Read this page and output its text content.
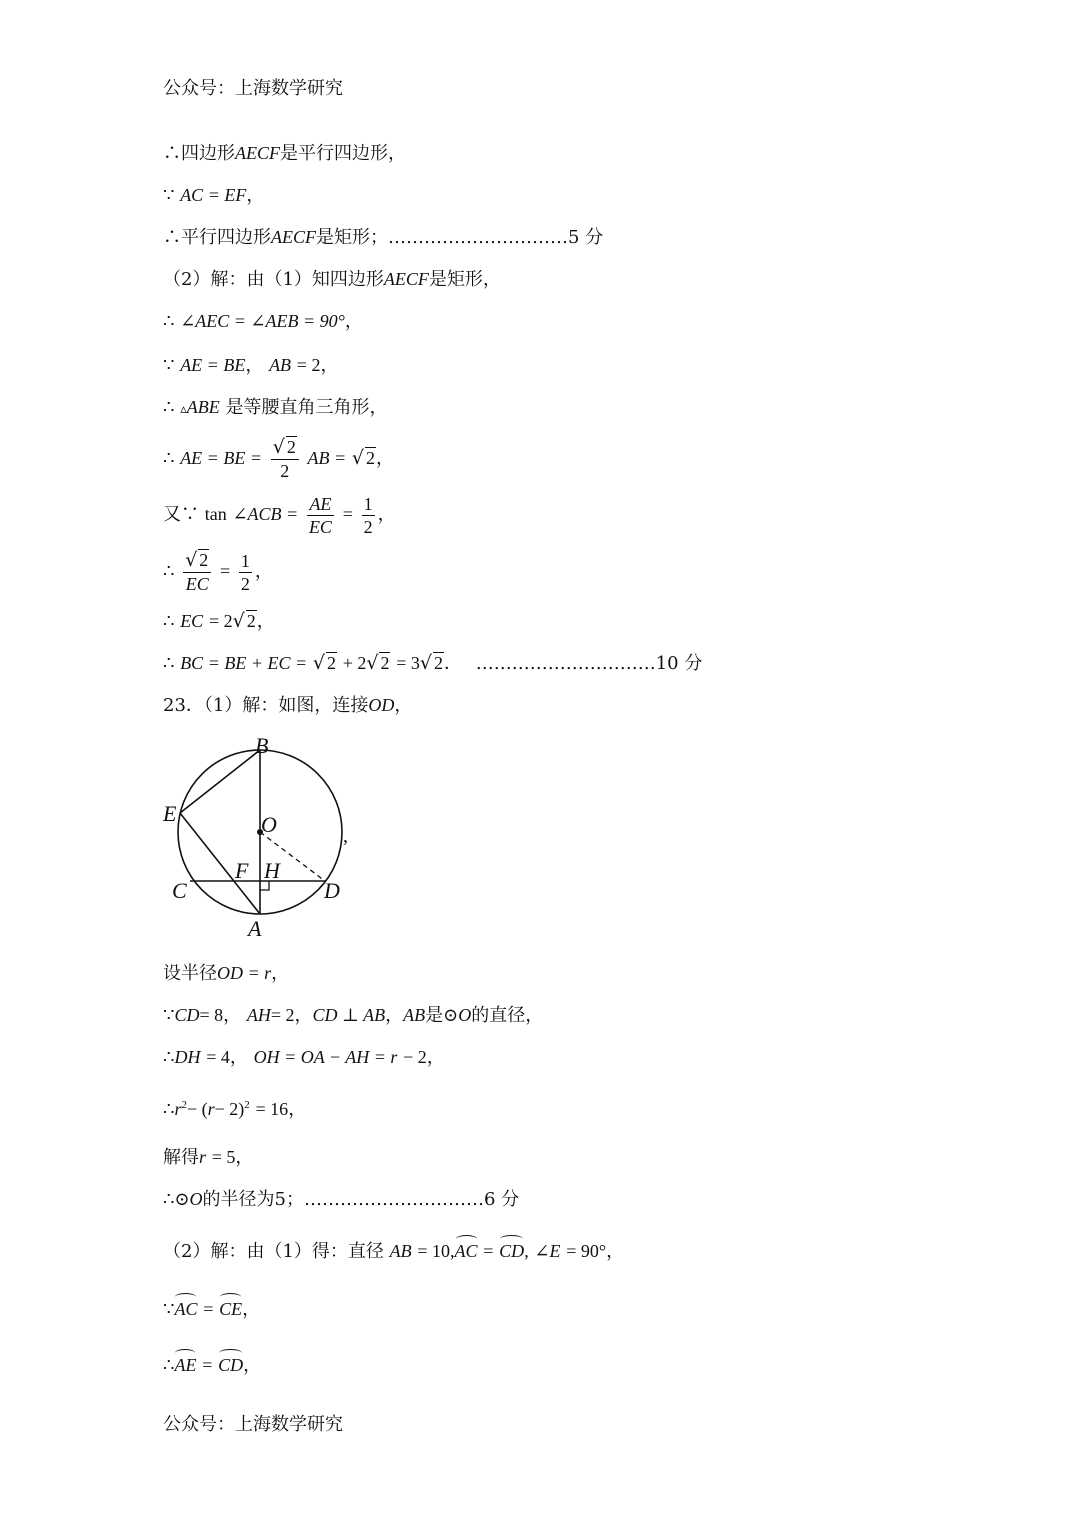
公众号：上海数学研究
∴四边形AECF是平行四边形，
∵ AC = EF，
∴平行四边形AECF是矩形；…………………………5 分
（2）解：由（1）知四边形AECF是矩形，
∴ ∠AEC = ∠AEB = 90°，
∵ AE = BE， AB = 2，
∴ ▵ABE 是等腰直角三角形，
∴ AE = BE = $\frac{√ 2}{2}$ AB = √ 2，
又∵ tan ∠ACB = $\frac{AE}{EC} = \frac{1}{2}$ ，
∴ $\frac{√ 2}{EC} = \frac{1}{2}$ ，
∴ EC = 2√ 2，
∴ BC = BE + EC = √ 2 + 2√ 2 = 3√ 2． …………………………10 分
23．（1）解：如图，连接OD，
B
E	O
F H
C	D
A
,
设半径OD = r，
∵CD= 8， AH= 2，CD ⊥ AB，AB是⊙O的直径，
∴DH = 4， OH = OA − AH = r − 2，
$\therefore r^2- (r- 2)^2 = 16$，
解得r = 5，
∴⊙O的半径为5；…………………………6 分
（2）解：由（1）得：直径 AB = 10,AC = CD, ∠E = 90°，
∵AC = CE，
∴AE = CD，
公众号：上海数学研究
